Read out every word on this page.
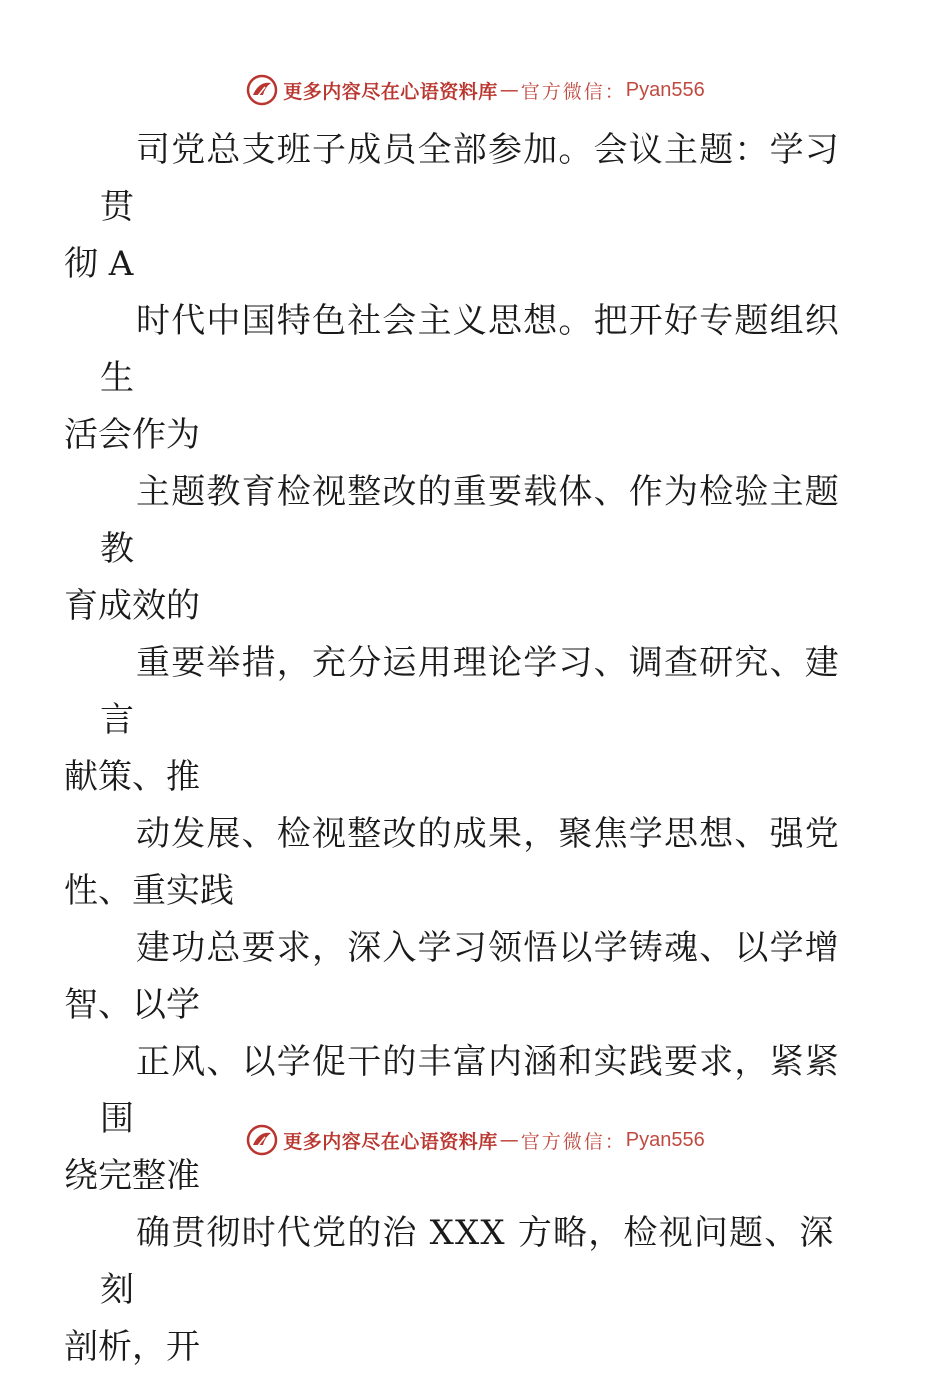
更多内容尽在心语资料库 — 官方微信： Pyan556

司党总支班子成员全部参加。会议主题：学习贯
彻 A

时代中国特色社会主义思想。把开好专题组织生
活会作为

主题教育检视整改的重要载体、作为检验主题教
育成效的

重要举措，充分运用理论学习、调查研究、建言
献策、推

动发展、检视整改的成果，聚焦学思想、强党
性、重实践

建功总要求，深入学习领悟以学铸魂、以学增
智、以学

正风、以学促干的丰富内涵和实践要求，紧紧围
绕完整准

确贯彻时代党的治 XXX 方略，检视问题、深刻
剖析，开

更多内容尽在心语资料库 — 官方微信： Pyan556
